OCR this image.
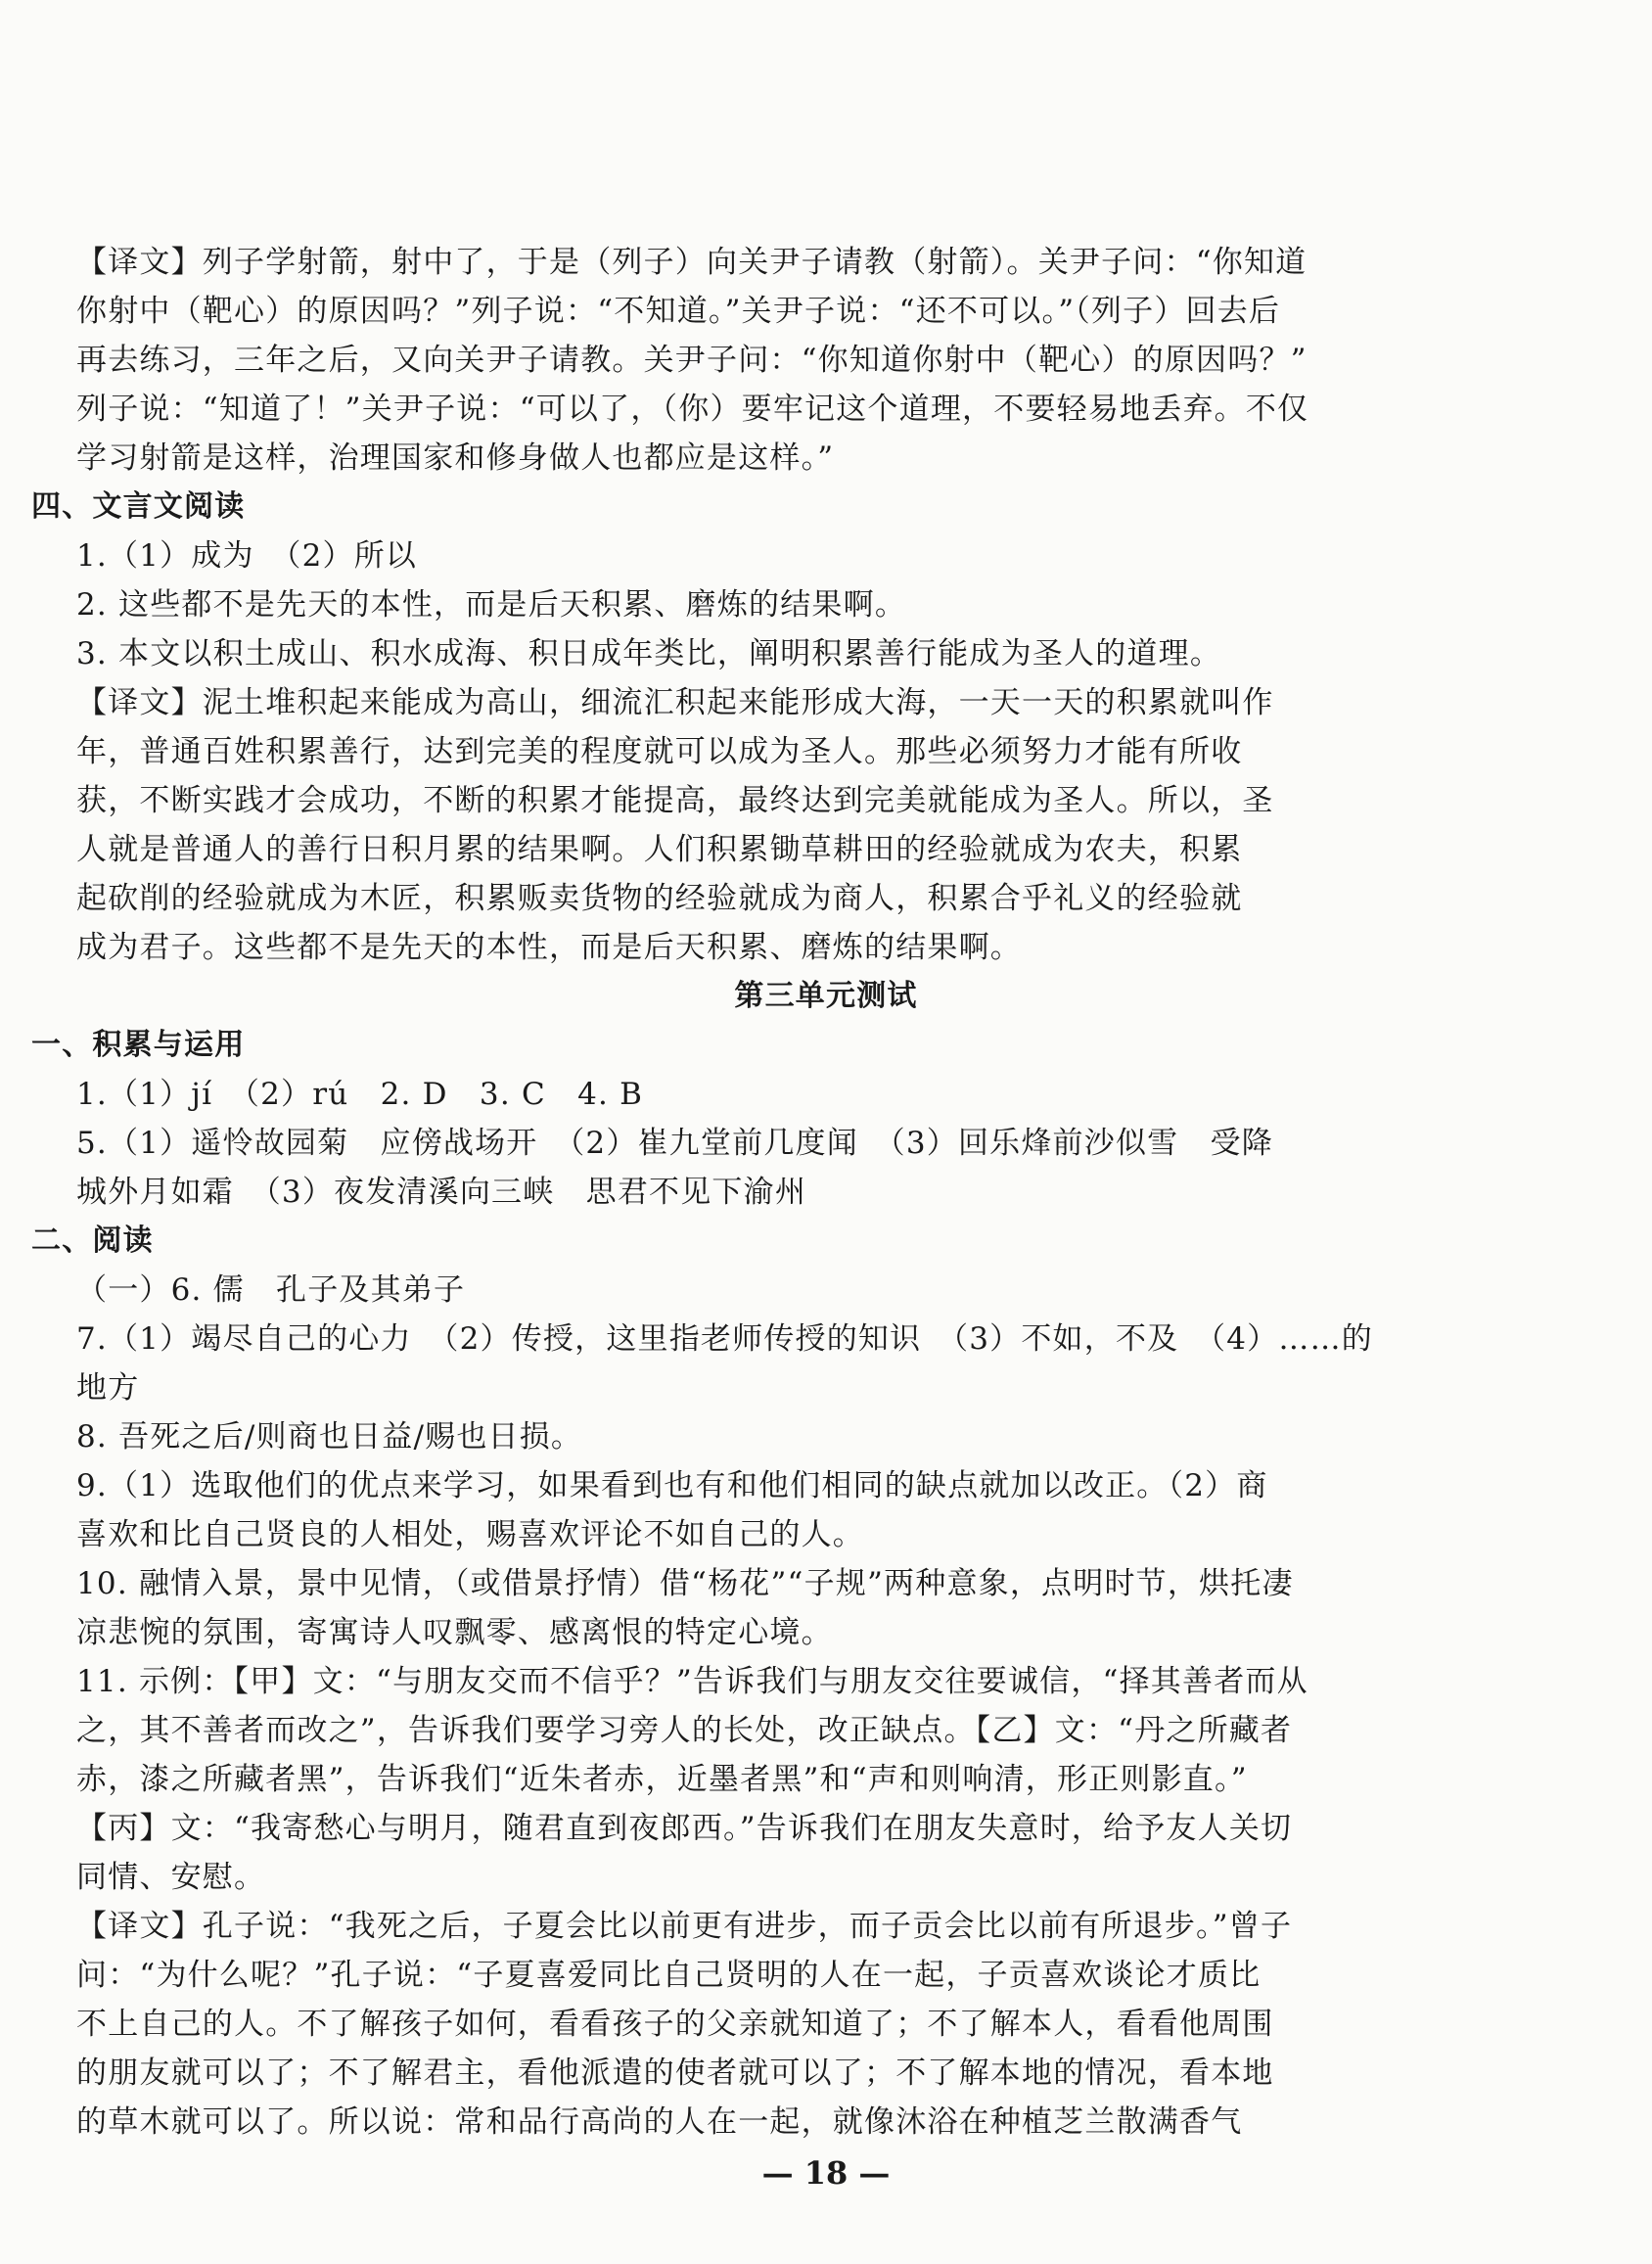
【译文】列子学射箭，射中了，于是（列子）向关尹子请教（射箭）。关尹子问：“你知道
你射中（靶心）的原因吗？”列子说：“不知道。”关尹子说：“还不可以。”（列子）回去后
再去练习，三年之后，又向关尹子请教。关尹子问：“你知道你射中（靶心）的原因吗？”
列子说：“知道了！”关尹子说：“可以了，（你）要牢记这个道理，不要轻易地丢弃。不仅
学习射箭是这样，治理国家和修身做人也都应是这样。”
四、文言文阅读
1.（1）成为　（2）所以
2. 这些都不是先天的本性，而是后天积累、磨炼的结果啊。
3. 本文以积土成山、积水成海、积日成年类比，阐明积累善行能成为圣人的道理。
【译文】泥土堆积起来能成为高山，细流汇积起来能形成大海，一天一天的积累就叫作
年，普通百姓积累善行，达到完美的程度就可以成为圣人。那些必须努力才能有所收
获，不断实践才会成功，不断的积累才能提高，最终达到完美就能成为圣人。所以，圣
人就是普通人的善行日积月累的结果啊。人们积累锄草耕田的经验就成为农夫，积累
起砍削的经验就成为木匠，积累贩卖货物的经验就成为商人，积累合乎礼义的经验就
成为君子。这些都不是先天的本性，而是后天积累、磨炼的结果啊。
第三单元测试
一、积累与运用
1.（1）jí　（2）rú　2. D　3. C　4. B
5.（1）遥怜故园菊　应傍战场开　（2）崔九堂前几度闻　（3）回乐烽前沙似雪　受降
城外月如霜　（3）夜发清溪向三峡　思君不见下渝州
二、阅读
（一）6. 儒　孔子及其弟子
7.（1）竭尽自己的心力　（2）传授，这里指老师传授的知识　（3）不如，不及　（4）……的
地方
8. 吾死之后/则商也日益/赐也日损。
9.（1）选取他们的优点来学习，如果看到也有和他们相同的缺点就加以改正。（2）商
喜欢和比自己贤良的人相处，赐喜欢评论不如自己的人。
10. 融情入景，景中见情，（或借景抒情）借“杨花”“子规”两种意象，点明时节，烘托凄
凉悲惋的氛围，寄寓诗人叹飘零、感离恨的特定心境。
11. 示例：【甲】文：“与朋友交而不信乎？”告诉我们与朋友交往要诚信，“择其善者而从
之，其不善者而改之”，告诉我们要学习旁人的长处，改正缺点。【乙】文：“丹之所藏者
赤，漆之所藏者黑”，告诉我们“近朱者赤，近墨者黑”和“声和则响清，形正则影直。”
【丙】文：“我寄愁心与明月，随君直到夜郎西。”告诉我们在朋友失意时，给予友人关切
同情、安慰。
【译文】孔子说：“我死之后，子夏会比以前更有进步，而子贡会比以前有所退步。”曾子
问：“为什么呢？”孔子说：“子夏喜爱同比自己贤明的人在一起，子贡喜欢谈论才质比
不上自己的人。不了解孩子如何，看看孩子的父亲就知道了；不了解本人，看看他周围
的朋友就可以了；不了解君主，看他派遣的使者就可以了；不了解本地的情况，看本地
的草木就可以了。所以说：常和品行高尚的人在一起，就像沐浴在种植芝兰散满香气
— 18 —
